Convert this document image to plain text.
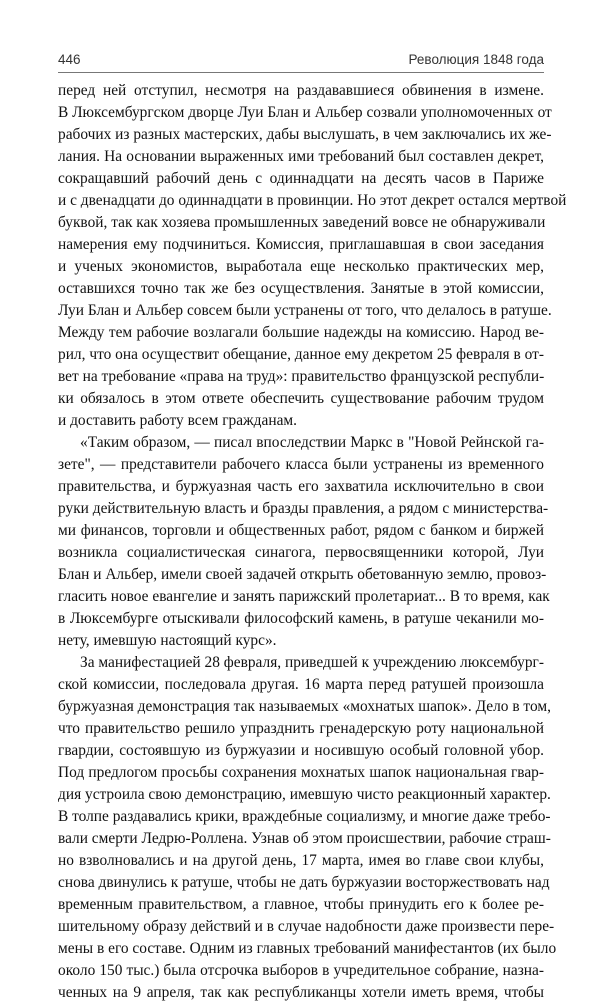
446	Революция 1848 года
перед ней отступил, несмотря на раздававшиеся обвинения в измене.
В Люксембургском дворце Луи Блан и Альбер созвали уполномоченных от
рабочих из разных мастерских, дабы выслушать, в чем заключались их же-
лания. На основании выраженных ими требований был составлен декрет,
сокращавший рабочий день с одиннадцати на десять часов в Париже
и с двенадцати до одиннадцати в провинции. Но этот декрет остался мертвой
буквой, так как хозяева промышленных заведений вовсе не обнаруживали
намерения ему подчиниться. Комиссия, приглашавшая в свои заседания
и ученых экономистов, выработала еще несколько практических мер,
оставшихся точно так же без осуществления. Занятые в этой комиссии,
Луи Блан и Альбер совсем были устранены от того, что делалось в ратуше.
Между тем рабочие возлагали большие надежды на комиссию. Народ ве-
рил, что она осуществит обещание, данное ему декретом 25 февраля в от-
вет на требование «права на труд»: правительство французской республи-
ки обязалось в этом ответе обеспечить существование рабочим трудом
и доставить работу всем гражданам.
«Таким образом, — писал впоследствии Маркс в "Новой Рейнской га-
зете", — представители рабочего класса были устранены из временного
правительства, и буржуазная часть его захватила исключительно в свои
руки действительную власть и бразды правления, а рядом с министерства-
ми финансов, торговли и общественных работ, рядом с банком и биржей
возникла социалистическая синагога, первосвященники которой, Луи
Блан и Альбер, имели своей задачей открыть обетованную землю, провоз-
гласить новое евангелие и занять парижский пролетариат... В то время, как
в Люксембурге отыскивали философский камень, в ратуше чеканили мо-
нету, имевшую настоящий курс».
За манифестацией 28 февраля, приведшей к учреждению люксембург-
ской комиссии, последовала другая. 16 марта перед ратушей произошла
буржуазная демонстрация так называемых «мохнатых шапок». Дело в том,
что правительство решило упразднить гренадерскую роту национальной
гвардии, состоявшую из буржуазии и носившую особый головной убор.
Под предлогом просьбы сохранения мохнатых шапок национальная гвар-
дия устроила свою демонстрацию, имевшую чисто реакционный характер.
В толпе раздавались крики, враждебные социализму, и многие даже требо-
вали смерти Ледрю-Роллена. Узнав об этом происшествии, рабочие страш-
но взволновались и на другой день, 17 марта, имея во главе свои клубы,
снова двинулись к ратуше, чтобы не дать буржуазии восторжествовать над
временным правительством, а главное, чтобы принудить его к более ре-
шительному образу действий и в случае надобности даже произвести пере-
мены в его составе. Одним из главных требований манифестантов (их было
около 150 тыс.) была отсрочка выборов в учредительное собрание, назна-
ченных на 9 апреля, так как республиканцы хотели иметь время, чтобы
